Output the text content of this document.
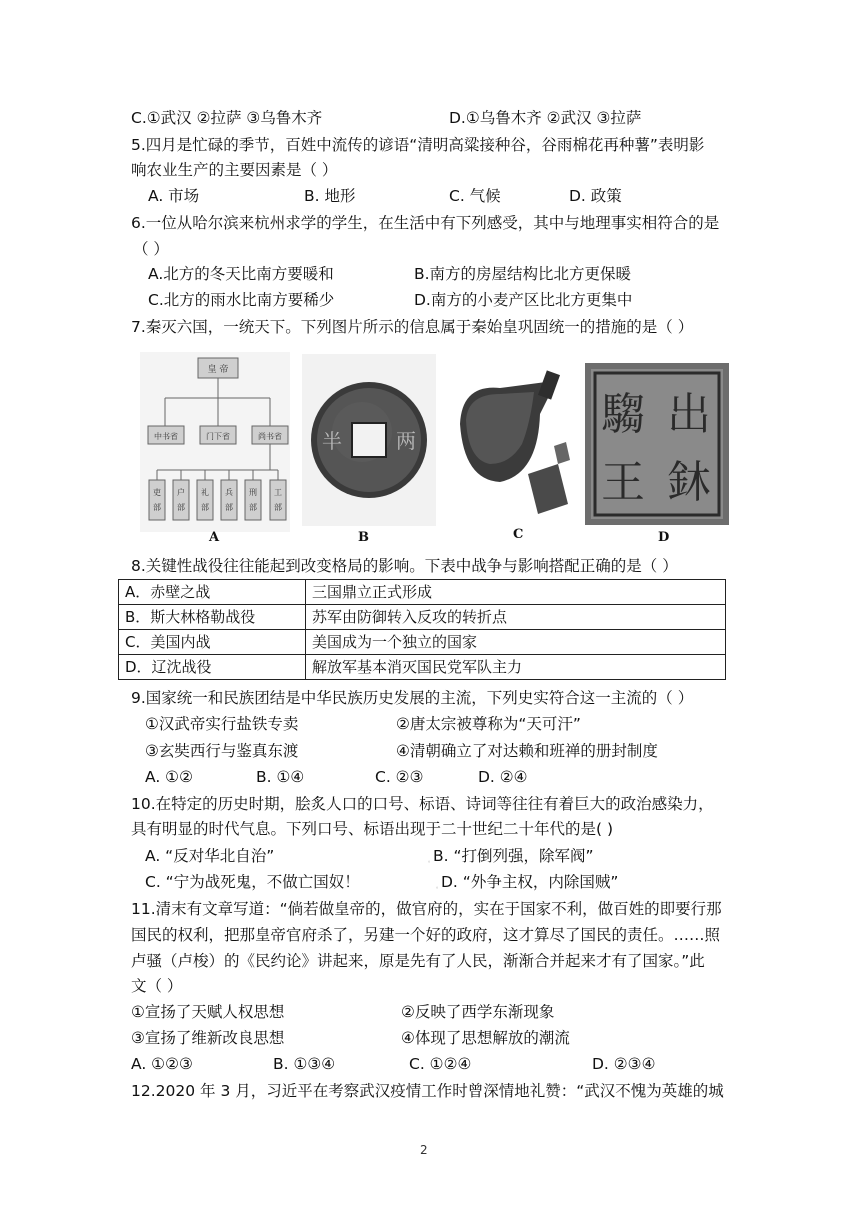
C.①武汉 ②拉萨 ③乌鲁木齐	D.①乌鲁木齐 ②武汉 ③拉萨
5.四月是忙碌的季节，百姓中流传的谚语“清明高粱接种谷，谷雨棉花再种薯”表明影
响农业生产的主要因素是（ ）
A. 市场	B. 地形	C. 气候	D. 政策
6.一位从哈尔滨来杭州求学的学生，在生活中有下列感受，其中与地理事实相符合的是
（ ）
A.北方的冬天比南方要暖和	B.南方的房屋结构比北方更保暖
C.北方的雨水比南方要稀少	D.南方的小麦产区比北方更集中
7.秦灭六国，一统天下。下列图片所示的信息属于秦始皇巩固统一的措施的是（ ）
皇 帝
中书省	门下省	尚书省
吏
部
户
部
礼
部
兵
部
刑
部
工
部
A
半	两
B	C
騶 出
王 鈢
D
8.关键性战役往往能起到改变格局的影响。下表中战争与影响搭配正确的是（ ）
A．赤壁之战	三国鼎立正式形成
B．斯大林格勒战役	苏军由防御转入反攻的转折点
C．美国内战	美国成为一个独立的国家
D．辽沈战役	解放军基本消灭国民党军队主力
9.国家统一和民族团结是中华民族历史发展的主流，下列史实符合这一主流的（ ）
①汉武帝实行盐铁专卖	②唐太宗被尊称为“天可汗”
③玄奘西行与鉴真东渡	④清朝确立了对达赖和班禅的册封制度
A. ①②	B. ①④	C. ②③	D. ②④
10.在特定的历史时期，脍炙人口的口号、标语、诗词等往往有着巨大的政治感染力，
具有明显的时代气息。下列口号、标语出现于二十世纪二十年代的是( )
A. “反对华北自治”	。
B. “打倒列强，除军阀”
C. “宁为战死鬼，不做亡国奴！	。
D. “外争主权，内除国贼”
11.清末有文章写道：“倘若做皇帝的，做官府的，实在于国家不利，做百姓的即要行那
国民的权利，把那皇帝官府杀了，另建一个好的政府，这才算尽了国民的责任。……照
卢骚（卢梭）的《民约论》讲起来，原是先有了人民，渐渐合并起来才有了国家。”此
文（ ）
①宣扬了天赋人权思想	②反映了西学东渐现象
③宣扬了维新改良思想	④体现了思想解放的潮流
A. ①②③	B. ①③④	C. ①②④	D. ②③④
12.2020 年 3 月，习近平在考察武汉疫情工作时曾深情地礼赞：“武汉不愧为英雄的城
2
